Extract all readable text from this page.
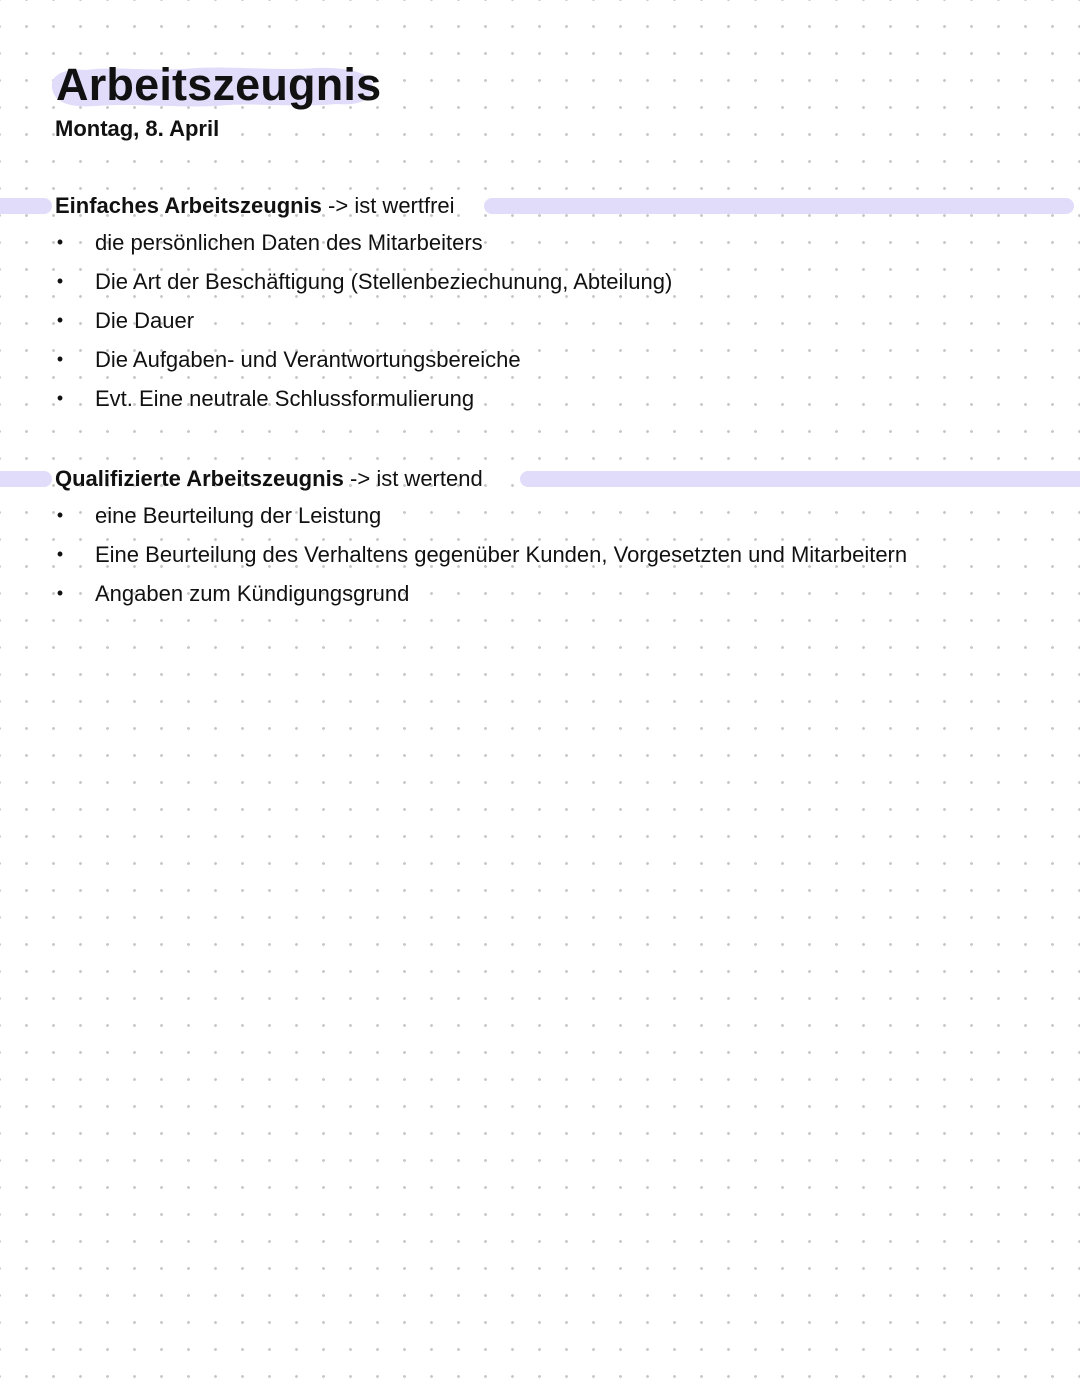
Arbeitszeugnis
Montag, 8. April
Einfaches Arbeitszeugnis -> ist wertfrei
• die persönlichen Daten des Mitarbeiters
• Die Art der Beschäftigung (Stellenbeziechunung, Abteilung)
• Die Dauer
• Die Aufgaben- und Verantwortungsbereiche
• Evt. Eine neutrale Schlussformulierung
Qualifizierte Arbeitszeugnis -> ist wertend
• eine Beurteilung der Leistung
• Eine Beurteilung des Verhaltens gegenüber Kunden, Vorgesetzten und Mitarbeitern
• Angaben zum Kündigungsgrund
